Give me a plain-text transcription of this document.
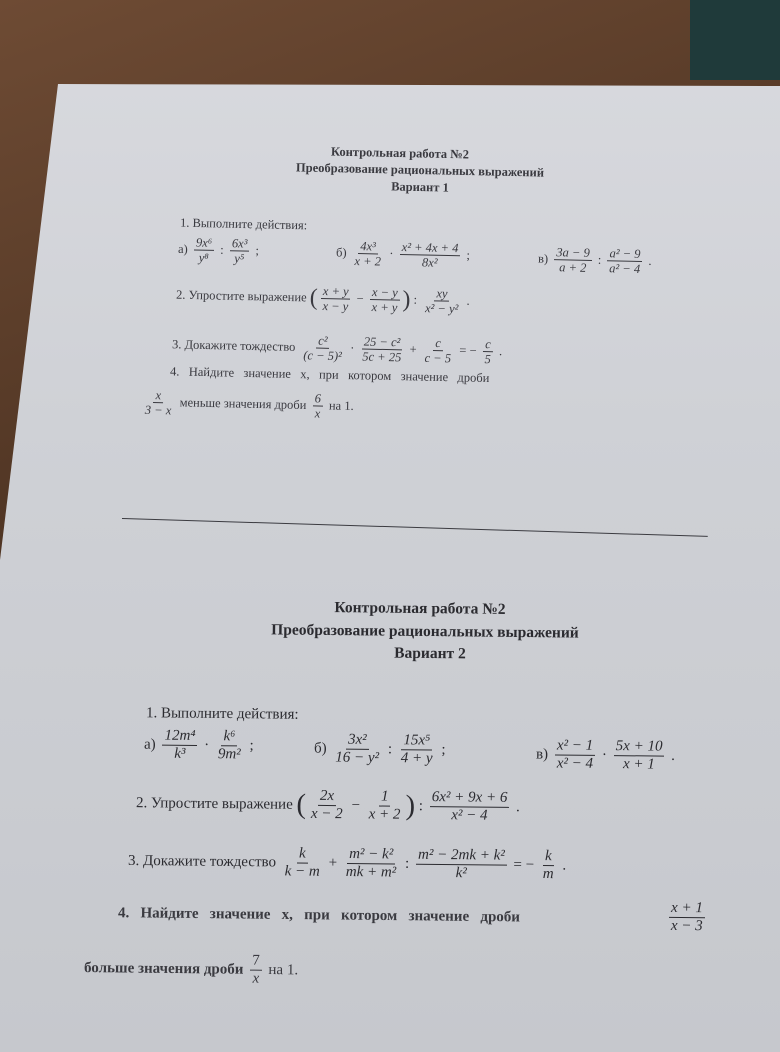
Контрольная работа №2
Преобразование рациональных выражений
Вариант 1
1. Выполните действия:
$а) \frac{\text{9x⁶}}{\text{y⁸}}$ : $\frac{\text{6x³}}{\text{y⁵}}$ ;	$б) \frac{\text{4x³}}{x + 2} \cdot \frac{\text{x² + 4x + 4}}{\text{8x²}}$ ;	$в) \frac{3a - 9}{a + 2}$ : $\frac{\text{a² − 9}}{\text{a² − 4}}$ .
2. Упростите выражение ( $\frac{x + y}{x - y} - \frac{x - y}{x + y}$ ) : $\frac{xy}{\text{x² − y²}}$ .
3. Докажите тождество $\frac{\text{c²}}{\text{(c − 5)²}} \cdot \frac{\text{25 − c²}}{5c + 25} + \frac{c}{c - 5}$ = − $\frac{c}{5}$ .
4.   Найдите   значение   x,   при   котором   значение   дроби
$\frac{x}{3 - x}$ меньше значения дроби $\frac{6}{x}$ на 1.
Контрольная работа №2
Преобразование рациональных выражений
Вариант 2
1. Выполните действия:
$а) \frac{\text{12m⁴}}{\text{k³}} \cdot \frac{\text{k⁶}}{\text{9m²}}$ ;	$б) \frac{\text{3x²}}{\text{16 − y²}}$ : $\frac{\text{15x⁵}}{4 + y}$ ;	$в) \frac{\text{x² − 1}}{\text{x² − 4}} \cdot \frac{5x + 10}{x + 1}$ .
2. Упростите выражение ( $\frac{2x}{x - 2} - \frac{1}{x + 2}$ ) : $\frac{\text{6x² + 9x + 6}}{\text{x² − 4}}$ .
3. Докажите тождество $\frac{k}{k - m} + \frac{\text{m² − k²}}{\text{mk + m²}}$ : $\frac{\text{m² − 2mk + k²}}{\text{k²}}$ = − $\frac{k}{m}$ .
4.   Найдите   значение   x,   при   котором   значение   дроби	$\frac{x + 1}{x - 3}$
больше значения дроби $\frac{7}{x}$ на 1.
